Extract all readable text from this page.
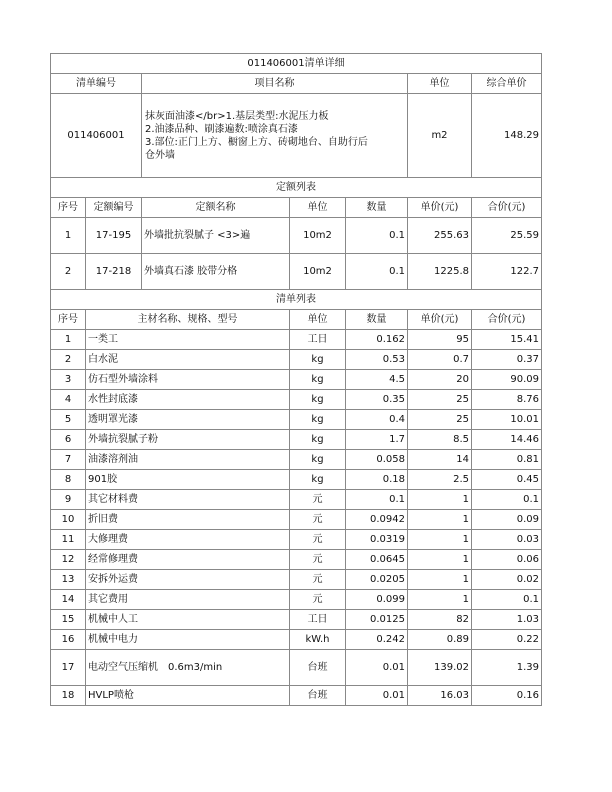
011406001清单详细						
清单编号		项目名称			单位	综合单价
011406001		抹灰面油漆</br>1.基层类型:水泥压力板
2.油漆品种、刷漆遍数:喷涂真石漆
3.部位:正门上方、橱窗上方、砖砌地台、自助行后
仓外墙			m2	148.29
定额列表						
序号	定额编号	定额名称	单位	数量	单价(元)	合价(元)
1	17-195	外墙批抗裂腻子 <3>遍	10m2	0.1	255.63	25.59
2	17-218	外墙真石漆 胶带分格	10m2	0.1	1225.8	122.7
清单列表						
序号	主材名称、规格、型号		单位	数量	单价(元)	合价(元)
1	一类工		工日	0.162	95	15.41
2	白水泥		kg	0.53	0.7	0.37
3	仿石型外墙涂料		kg	4.5	20	90.09
4	水性封底漆		kg	0.35	25	8.76
5	透明罩光漆		kg	0.4	25	10.01
6	外墙抗裂腻子粉		kg	1.7	8.5	14.46
7	油漆溶剂油		kg	0.058	14	0.81
8	901胶		kg	0.18	2.5	0.45
9	其它材料费		元	0.1	1	0.1
10	折旧费		元	0.0942	1	0.09
11	大修理费		元	0.0319	1	0.03
12	经常修理费		元	0.0645	1	0.06
13	安拆外运费		元	0.0205	1	0.02
14	其它费用		元	0.099	1	0.1
15	机械中人工		工日	0.0125	82	1.03
16	机械中电力		kW.h	0.242	0.89	0.22
17	电动空气压缩机　0.6m3/min		台班	0.01	139.02	1.39
18	HVLP喷枪		台班	0.01	16.03	0.16
